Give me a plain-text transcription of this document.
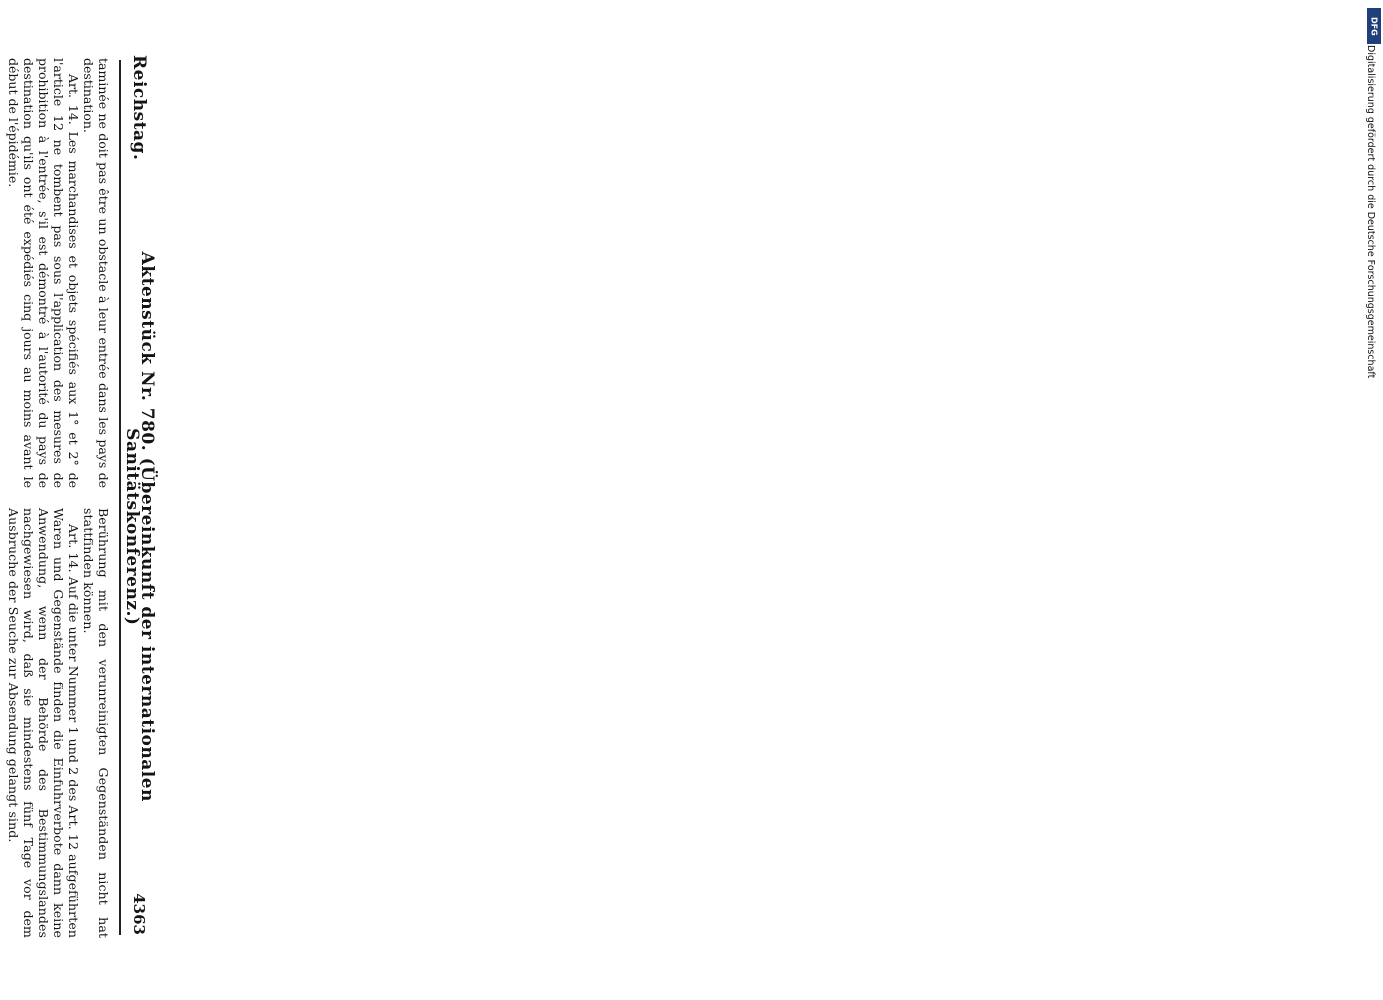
Reichstag.
Aktenstück Nr. 780. (Übereinkunft der internationalen Sanitätskonferenz.)
4363

taminée ne doit pas être un obstacle à leur entrée dans les pays de destination.

Art. 14. Les marchandises et objets spécifiés aux 1° et 2° de l'article 12 ne tombent pas sous l'application des mesures de prohibition à l'entrée, s'il est démontré à l'autorité du pays de destination qu'ils ont été expédiés cinq jours au moins avant le début de l'épidémie.

Berührung mit den verunreinigten Gegenständen nicht hat stattfinden können.

Art. 14. Auf die unter Nummer 1 und 2 des Art. 12 aufgeführten Waren und Gegenstände finden die Einfuhrverbote dann keine Anwendung, wenn der Behörde des Bestimmungslandes nachgewiesen wird, daß sie mindestens fünf Tage vor dem Ausbruche der Seuche zur Absendung gelangt sind.

DFG
Digitalisierung gefördert durch die Deutsche Forschungsgemeinschaft
